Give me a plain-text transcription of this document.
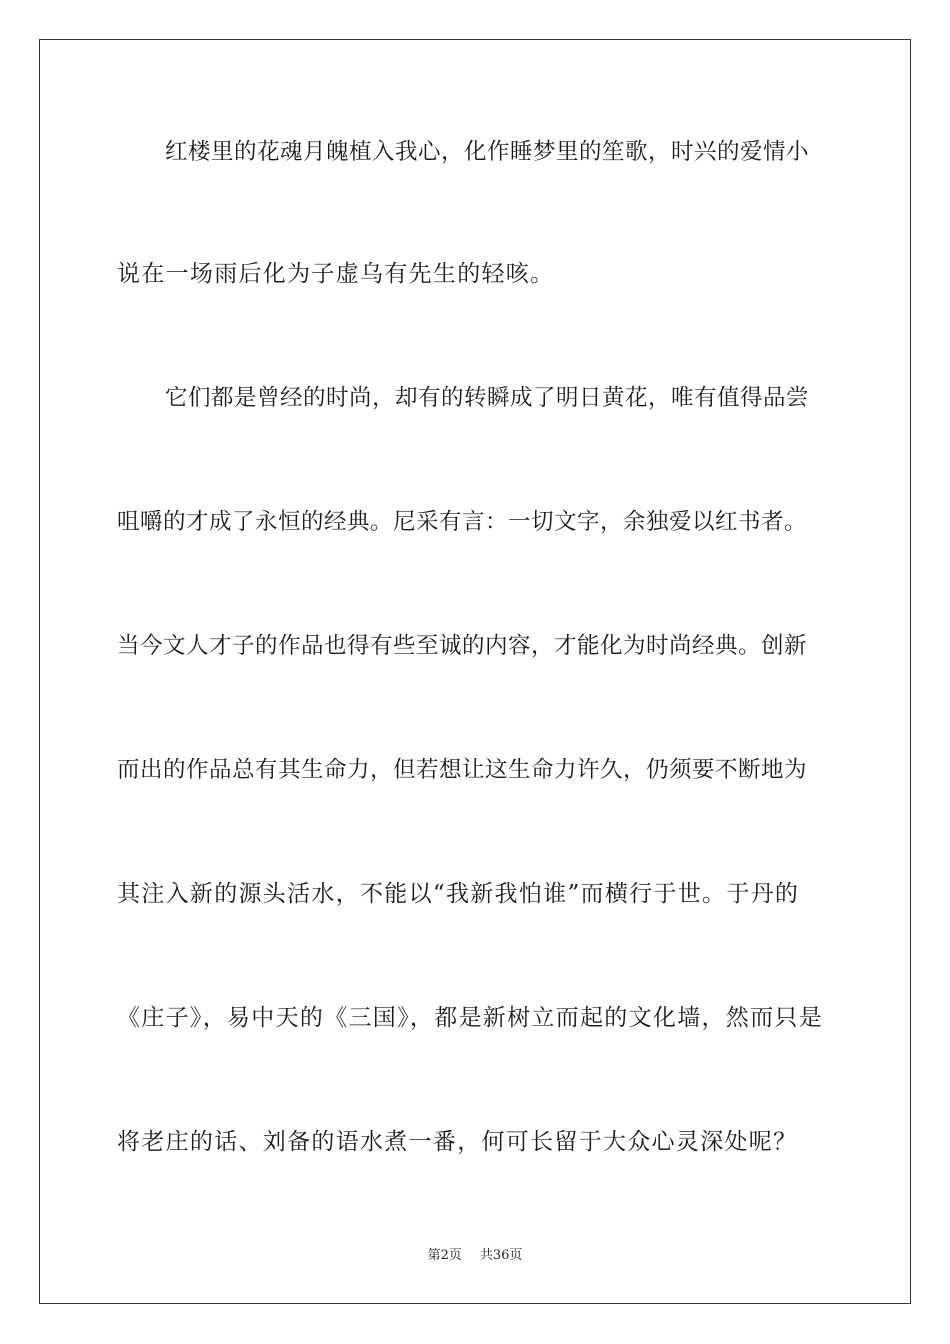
红楼里的花魂月魄植入我心，化作睡梦里的笙歌，时兴的爱情小
说在一场雨后化为子虚乌有先生的轻咳。
它们都是曾经的时尚，却有的转瞬成了明日黄花，唯有值得品尝
咀嚼的才成了永恒的经典。尼采有言：一切文字，余独爱以红书者。
当今文人才子的作品也得有些至诚的内容，才能化为时尚经典。创新
而出的作品总有其生命力，但若想让这生命力许久，仍须要不断地为
其注入新的源头活水，不能以“我新我怕谁”而横行于世。于丹的
《庄子》，易中天的《三国》，都是新树立而起的文化墙，然而只是
将老庄的话、刘备的语水煮一番，何可长留于大众心灵深处呢？
第2页 共36页
